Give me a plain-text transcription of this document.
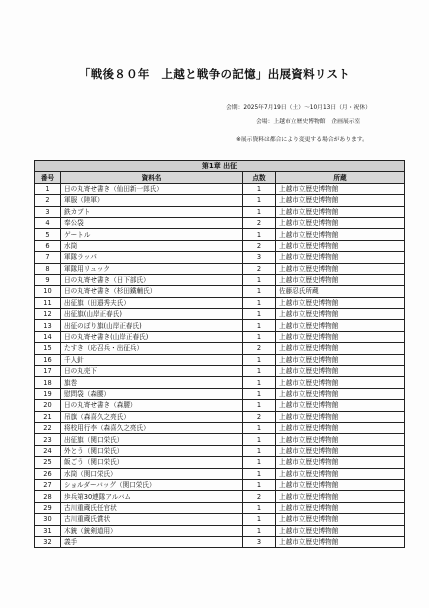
「戦後８０年　上越と戦争の記憶」出展資料リスト
会期：2025年7月19日（土）～10月13日（月・祝休）
会場：上越市立歴史博物館　企画展示室
※展示資料は都合により変更する場合があります。
第1章 出征			
番号	資料名	点数	所蔵
1	日の丸寄せ書き（仙田新一郎氏）	1	上越市立歴史博物館
2	軍服（陸軍）	1	上越市立歴史博物館
3	鉄カブト	1	上越市立歴史博物館
4	奉公袋	2	上越市立歴史博物館
5	ゲートル	1	上越市立歴史博物館
6	水筒	2	上越市立歴史博物館
7	軍隊ラッパ	3	上越市立歴史博物館
8	軍隊用リュック	2	上越市立歴史博物館
9	日の丸寄せ書き（日下部氏）	1	上越市立歴史博物館
10	日の丸寄せ書き（杉田鐵輔氏）	1	佐藤忍氏所蔵
11	出征旗（田邉秀夫氏）	1	上越市立歴史博物館
12	出征旗(山岸正春氏)	1	上越市立歴史博物館
13	出征のぼり旗(山岸正春氏)	1	上越市立歴史博物館
14	日の丸寄せ書き(山岸正春氏)	1	上越市立歴史博物館
15	たすき（応召兵・出征兵）	2	上越市立歴史博物館
16	千人針	1	上越市立歴史博物館
17	日の丸売下	1	上越市立歴史博物館
18	旗巻	1	上越市立歴史博物館
19	慰問袋（森腰）	1	上越市立歴史博物館
20	日の丸寄せ書き（森腰）	1	上越市立歴史博物館
21	吊旗（森喜久之亮氏）	2	上越市立歴史博物館
22	将校用行李（森喜久之亮氏）	1	上越市立歴史博物館
23	出征旗（関口栄氏）	1	上越市立歴史博物館
24	外とう（関口栄氏）	1	上越市立歴史博物館
25	飯ごう（関口栄氏）	1	上越市立歴史博物館
26	水筒（関口栄氏）	1	上越市立歴史博物館
27	ショルダーバッグ（関口栄氏）	1	上越市立歴史博物館
28	歩兵第30連隊アルバム	2	上越市立歴史博物館
29	古川重蔵氏任官状	1	上越市立歴史博物館
30	古川重蔵氏賞状	1	上越市立歴史博物館
31	木銃（銃剣道用）	1	上越市立歴史博物館
32	義手	3	上越市立歴史博物館
